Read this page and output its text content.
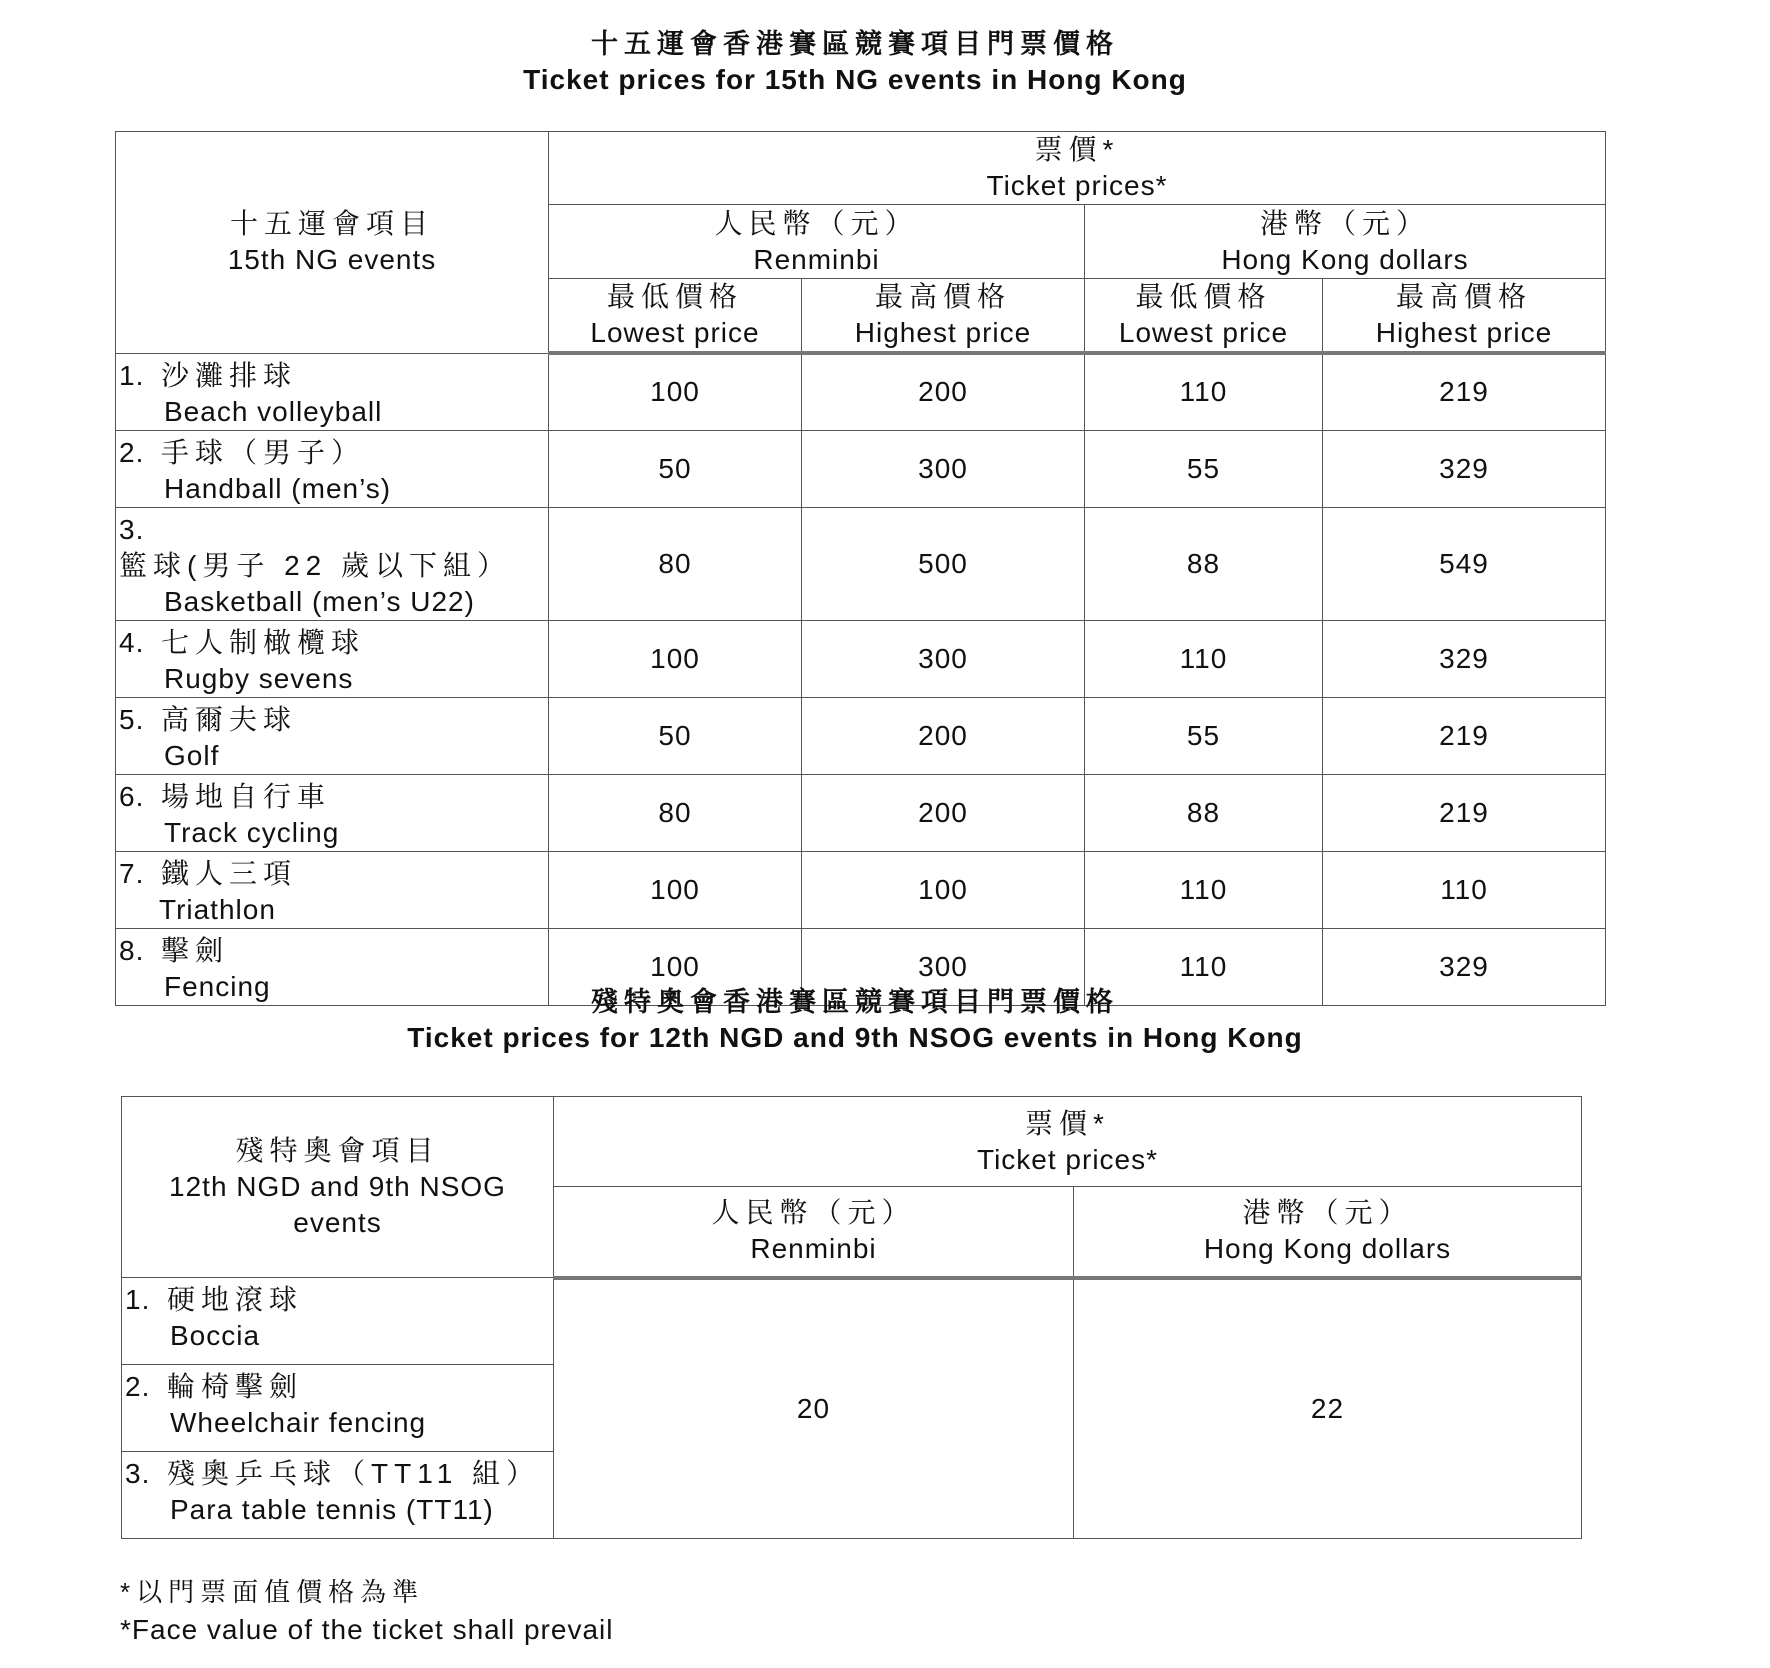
十五運會香港賽區競賽項目門票價格
Ticket prices for 15th NG events in Hong Kong
十五運會項目
15th NG events	票價*
Ticket prices*			

	人民幣（元）
Renminbi		港幣（元）
Hong Kong dollars	

	最低價格
Lowest price	最高價格
Highest price	最低價格
Lowest price	最高價格
Highest price

1. 沙灘排球
Beach volleyball	100	200	110	219
2. 手球（男子）
Handball (men’s)	50	300	55	329
3.籃球(男子 22 歲以下組）
Basketball (men’s U22)	80	500	88	549
4. 七人制橄欖球
Rugby sevens	100	300	110	329
5. 高爾夫球
Golf	50	200	55	219
6. 場地自行車
Track cycling	80	200	88	219
7. 鐵人三項
Triathlon	100	100	110	110
8. 擊劍
Fencing	100	300	110	329
殘特奧會香港賽區競賽項目門票價格
Ticket prices for 12th NGD and 9th NSOG events in Hong Kong
殘特奧會項目
12th NGD and 9th NSOG events	票價*
Ticket prices*	

	人民幣（元）
Renminbi	港幣（元）
Hong Kong dollars

1. 硬地滾球
Boccia	20	22
2. 輪椅擊劍
Wheelchair fencing		

3. 殘奧乒乓球（TT11 組）
Para table tennis (TT11)		
*以門票面值價格為準
*Face value of the ticket shall prevail
